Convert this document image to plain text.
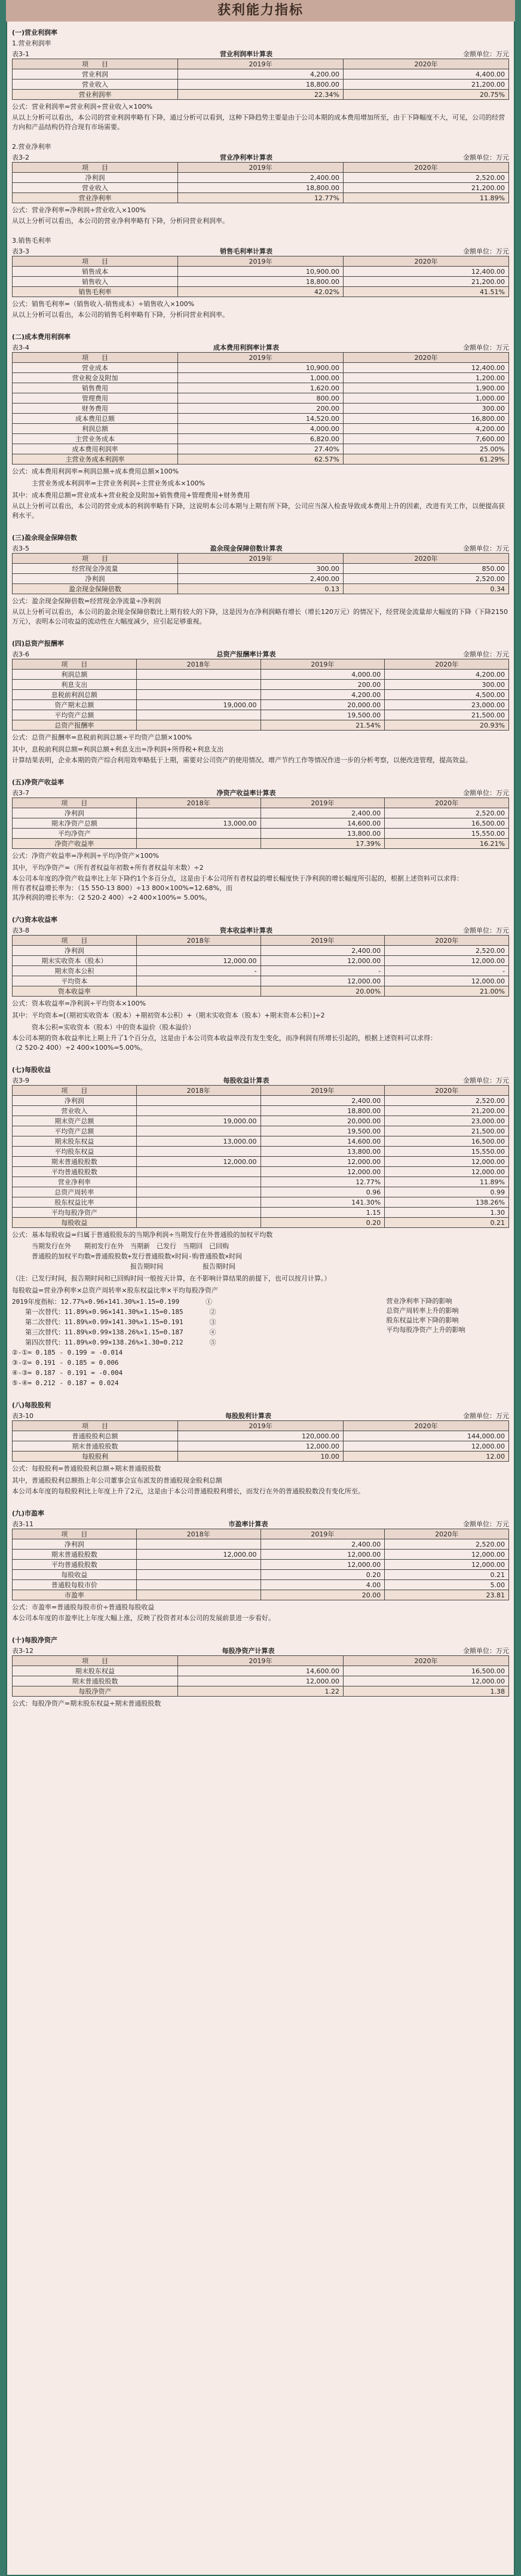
获利能力指标
(一)营业利润率
1.营业利润率
表3-1	营业利润率计算表	金额单位：万元
项　　目	2019年	2020年
营业利润	4,200.00	4,400.00
营业收入	18,800.00	21,200.00
营业利润率	22.34%	20.75%
公式：营业利润率=营业利润÷营业收入×100%
从以上分析可以看出，本公司的营业利润率略有下降，通过分析可以看到，这种下降趋势主要是由于公司本期的成本费用增加所至，由于下降幅度不大，可见，公司的经营方向和产品结构仍符合现有市场需要。
2.营业净利率
表3-2	营业净利率计算表	金额单位：万元
项　　目	2019年	2020年
净利润	2,400.00	2,520.00
营业收入	18,800.00	21,200.00
营业净利率	12.77%	11.89%
公式：营业净利率=净利润÷营业收入×100%
从以上分析可以看出，本公司的营业净利率略有下降，分析同营业利润率。
3.销售毛利率
表3-3	销售毛利率计算表	金额单位：万元
项　　目	2019年	2020年
销售成本	10,900.00	12,400.00
销售收入	18,800.00	21,200.00
销售毛利率	42.02%	41.51%
公式：销售毛利率=（销售收入-销售成本）÷销售收入×100%
从以上分析可以看出，本公司的销售毛利率略有下降，分析同营业利润率。
(二)成本费用利润率
表3-4	成本费用利润率计算表	金额单位：万元
项　　目	2019年	2020年
营业成本	10,900.00	12,400.00
营业税金及附加	1,000.00	1,200.00
销售费用	1,620.00	1,900.00
管理费用	800.00	1,000.00
财务费用	200.00	300.00
成本费用总额	14,520.00	16,800.00
利润总额	4,000.00	4,200.00
主营业务成本	6,820.00	7,600.00
成本费用利润率	27.40%	25.00%
主营业务成本利润率	62.57%	61.29%
公式：成本费用利润率=利润总额÷成本费用总额×100%
　　　主营业务成本利润率=主营业务利润÷主营业务成本×100%
其中：成本费用总额=营业成本+营业税金及附加+销售费用+管理费用+财务费用
从以上分析可以看出，本公司的营业成本的利润率略有下降，这说明本公司本期与上期有所下降，公司应当深入检查导致成本费用上升的因素，改进有关工作，以便提高获利水平。
(三)盈余现金保障倍数
表3-5	盈余现金保障倍数计算表	金额单位：万元
项　　目	2019年	2020年
经营现金净流量	300.00	850.00
净利润	2,400.00	2,520.00
盈余现金保障倍数	0.13	0.34
公式：盈余现金保障倍数=经营现金净流量÷净利润
从以上分析可以看出，本公司的盈余现金保障倍数比上期有较大的下降，这是因为在净利润略有增长（增长120万元）的情况下，经营现金流量却大幅度的下降（下降2150万元），表明本公司收益的流动性在大幅度减少，应引起足够重视。
(四)总资产报酬率
表3-6	总资产报酬率计算表	金额单位：万元
项　　目	2018年	2019年	2020年
利润总额		4,000.00	4,200.00
利息支出		200.00	300.00
息税前利润总额		4,200.00	4,500.00
资产期末总额	19,000.00	20,000.00	23,000.00
平均资产总额		19,500.00	21,500.00
总资产报酬率		21.54%	20.93%
公式：总资产报酬率=息税前利润总额÷平均资产总额×100%
其中，息税前利润总额=利润总额+利息支出=净利润+所得税+利息支出
计算结果表明，企业本期的资产综合利用效率略低于上期，需要对公司资产的使用情况、增产节约工作等情况作进一步的分析考察，以便改进管理，提高效益。
(五)净资产收益率
表3-7	净资产收益率计算表	金额单位：万元
项　　目	2018年	2019年	2020年
净利润		2,400.00	2,520.00
期末净资产总额	13,000.00	14,600.00	16,500.00
平均净资产		13,800.00	15,550.00
净资产收益率		17.39%	16.21%
公式：净资产收益率=净利润÷平均净资产×100%
其中，平均净资产=（所有者权益年初数+所有者权益年末数）÷2
本公司本年度的净资产收益率比上年下降约1个多百分点，这是由于本公司所有者权益的增长幅度快于净利润的增长幅度所引起的，根据上述资料可以求得：
所有者权益增长率为：（15 550-13 800）÷13 800×100%=12.68%，而
其净利润的增长率为：（2 520-2 400）÷2 400×100%= 5.00%。
(六)资本收益率
表3-8	资本收益率计算表	金额单位：万元
项　　目	2018年	2019年	2020年
净利润		2,400.00	2,520.00
期末实收资本（股本）	12,000.00	12,000.00	12,000.00
期末资本公积	-	-	-
平均资本		12,000.00	12,000.00
资本收益率		20.00%	21.00%
公式：资本收益率=净利润÷平均资本×100%
其中：平均资本=[（期初实收资本（股本）+期初资本公积）+（期末实收资本（股本）+期末资本公积）]÷2
　　　资本公积=实收资本（股本）中的资本溢价（股本溢价）
本公司本期的资本收益率比上期上升了1个百分点，这是由于本公司资本收益率没有发生变化，而净利润有所增长引起的，根据上述资料可以求得：
（2 520-2 400）÷2 400×100%=5.00%。
(七)每股收益
表3-9	每股收益计算表	金额单位：万元
项　　目	2018年	2019年	2020年
净利润		2,400.00	2,520.00
营业收入		18,800.00	21,200.00
期末资产总额	19,000.00	20,000.00	23,000.00
平均资产总额		19,500.00	21,500.00
期末股东权益	13,000.00	14,600.00	16,500.00
平均股东权益		13,800.00	15,550.00
期末普通股股数	12,000.00	12,000.00	12,000.00
平均普通股股数		12,000.00	12,000.00
营业净利率		12.77%	11.89%
总资产周转率		0.96	0.99
股东权益比率		141.30%	138.26%
平均每股净资产		1.15	1.30
每股收益		0.20	0.21
公式：基本每股收益=归属于普通股股东的当期净利润÷当期发行在外普通股的加权平均数
　　　当期发行在外　　期初发行在外　当期新　已发行　当期回　已回购
　　　普通股的加权平均数=普通股股数+发行普通股数×时间-购普通股数×时间
　　　　　　　　　　　　　　　　　　报告期时间　　　　　　报告期时间
（注：已发行时间，报告期时间和已回购时间一般按天计算，在不影响计算结果的前提下，也可以按月计算。）
每股收益=营业净利率×总资产周转率×股东权益比率×平均每股净资产
2019年度指标：12.77%×0.96×141.30%×1.15=0.199　　　　①
　　第一次替代：11.89%×0.96×141.30%×1.15=0.185　　　　②
　　第二次替代：11.89%×0.99×141.30%×1.15=0.191　　　　③
　　第三次替代：11.89%×0.99×138.26%×1.15=0.187　　　　④
　　第四次替代：11.89%×0.99×138.26%×1.30=0.212　　　　⑤
②-①= 0.185 - 0.199 = -0.014
③-②= 0.191 - 0.185 = 0.006
④-③= 0.187 - 0.191 = -0.004
⑤-④= 0.212 - 0.187 = 0.024
营业净利率下降的影响
总资产周转率上升的影响
股东权益比率下降的影响
平均每股净资产上升的影响
(八)每股股利
表3-10	每股股利计算表	金额单位：万元
项　　目	2019年	2020年
普通股股利总额	120,000.00	144,000.00
期末普通股股数	12,000.00	12,000.00
每股股利	10.00	12.00
公式：每股股利=普通股股利总额÷期末普通股股数
其中，普通股股利总额指上年公司董事会宣布派发的普通股现金股利总额
本公司本年度的每股股利比上年度上升了2元，这是由于本公司普通股股利增长，而发行在外的普通股股数没有变化所至。
(九)市盈率
表3-11	市盈率计算表	金额单位：万元
项　　目	2018年	2019年	2020年
净利润		2,400.00	2,520.00
期末普通股股数	12,000.00	12,000.00	12,000.00
平均普通股股数		12,000.00	12,000.00
每股收益		0.20	0.21
普通股每股市价		4.00	5.00
市盈率		20.00	23.81
公式：市盈率=普通股每股市价÷普通股每股收益
本公司本年度的市盈率比上年度大幅上涨，反映了投资者对本公司的发展前景进一步看好。
(十)每股净资产
表3-12	每股净资产计算表	金额单位：万元
项　　目	2019年	2020年
期末股东权益	14,600.00	16,500.00
期末普通股股数	12,000.00	12,000.00
每股净资产	1.22	1.38
公式：每股净资产=期末股东权益÷期末普通股股数
